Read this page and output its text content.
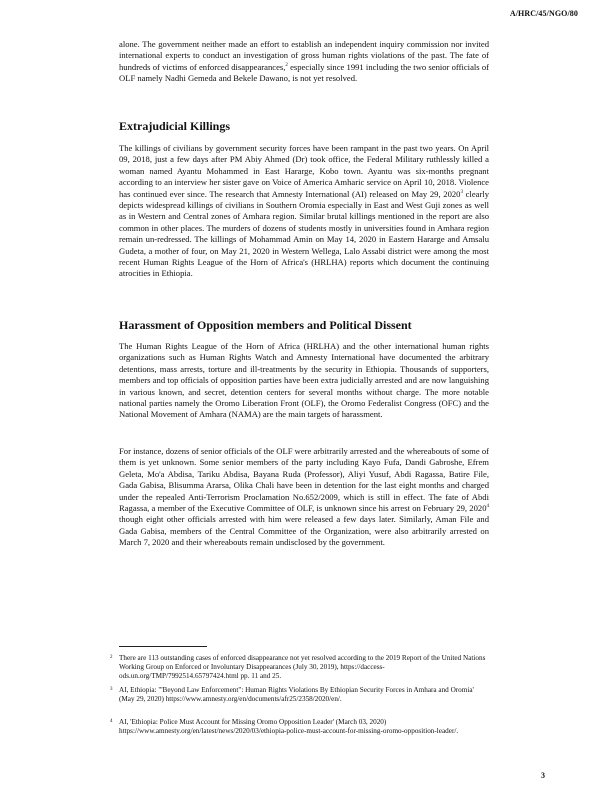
A/HRC/45/NGO/80

alone. The government neither made an effort to establish an independent inquiry commission nor invited international experts to conduct an investigation of gross human rights violations of the past. The fate of hundreds of victims of enforced disappearances,$^2$ especially since 1991 including the two senior officials of OLF namely Nadhi Gemeda and Bekele Dawano, is not yet resolved.

Extrajudicial Killings

The killings of civilians by government security forces have been rampant in the past two years. On April 09, 2018, just a few days after PM Abiy Ahmed (Dr) took office, the Federal Military ruthlessly killed a woman named Ayantu Mohammed in East Hararge, Kobo town. Ayantu was six-months pregnant according to an interview her sister gave on Voice of America Amharic service on April 10, 2018. Violence has continued ever since. The research that Amnesty International (AI) released on May 29, 2020$^3$ clearly depicts widespread killings of civilians in Southern Oromia especially in East and West Guji zones as well as in Western and Central zones of Amhara region. Similar brutal killings mentioned in the report are also common in other places. The murders of dozens of students mostly in universities found in Amhara region remain un-redressed. The killings of Mohammad Amin on May 14, 2020 in Eastern Hararge and Amsalu Gudeta, a mother of four, on May 21, 2020 in Western Wellega, Lalo Assabi district were among the most recent Human Rights League of the Horn of Africa's (HRLHA) reports which document the continuing atrocities in Ethiopia.

Harassment of Opposition members and Political Dissent

The Human Rights League of the Horn of Africa (HRLHA) and the other international human rights organizations such as Human Rights Watch and Amnesty International have documented the arbitrary detentions, mass arrests, torture and ill-treatments by the security in Ethiopia. Thousands of supporters, members and top officials of opposition parties have been extra judicially arrested and are now languishing in various known, and secret, detention centers for several months without charge. The more notable national parties namely the Oromo Liberation Front (OLF), the Oromo Federalist Congress (OFC) and the National Movement of Amhara (NAMA) are the main targets of harassment.

For instance, dozens of senior officials of the OLF were arbitrarily arrested and the whereabouts of some of them is yet unknown. Some senior members of the party including Kayo Fufa, Dandi Gabroshe, Efrem Geleta, Mo'a Abdisa, Tariku Abdisa, Bayana Ruda (Professor), Aliyi Yusuf, Abdi Ragassa, Batire File, Gada Gabisa, Blisumma Ararsa, Olika Chali have been in detention for the last eight months and charged under the repealed Anti-Terrorism Proclamation No.652/2009, which is still in effect. The fate of Abdi Ragassa, a member of the Executive Committee of OLF, is unknown since his arrest on February 29, 2020$^4$ though eight other officials arrested with him were released a few days later. Similarly, Aman File and Gada Gabisa, members of the Central Committee of the Organization, were also arbitrarily arrested on March 7, 2020 and their whereabouts remain undisclosed by the government.

2 There are 113 outstanding cases of enforced disappearance not yet resolved according to the 2019 Report of the United Nations Working Group on Enforced or Involuntary Disappearances (July 30, 2019), https://daccess-ods.un.org/TMP/7992514.65797424.html pp. 11 and 25.
3 AI, Ethiopia: "'Beyond Law Enforcement": Human Rights Violations By Ethiopian Security Forces in Amhara and Oromia' (May 29, 2020) https://www.amnesty.org/en/documents/afr25/2358/2020/en/.
4 AI, 'Ethiopia: Police Must Account for Missing Oromo Opposition Leader' (March 03, 2020) https://www.amnesty.org/en/latest/news/2020/03/ethiopia-police-must-account-for-missing-oromo-opposition-leader/.
3
